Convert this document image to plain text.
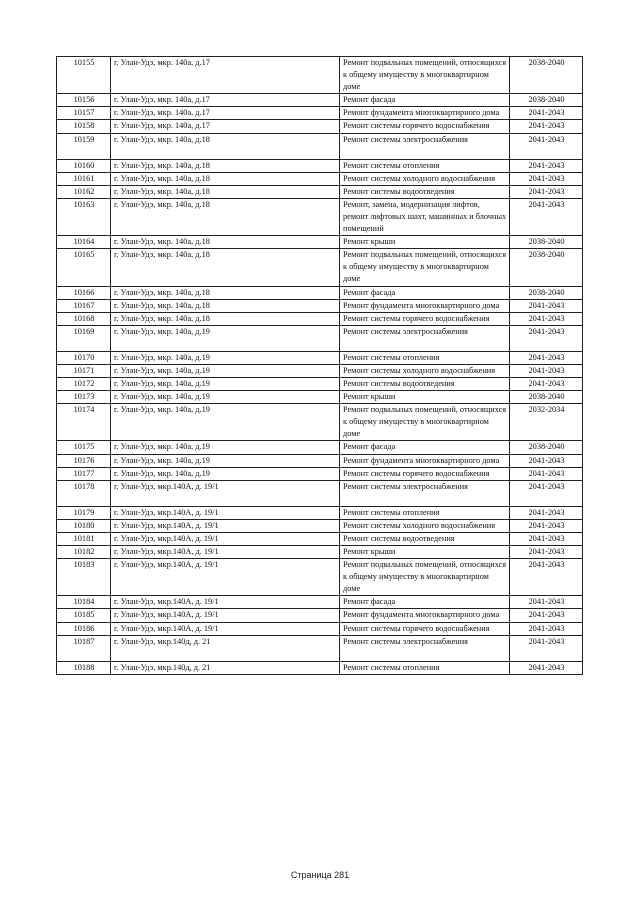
10155	г. Улан-Удэ, мкр. 140а, д.17	Ремонт подвальных помещений, относящихся к общему имуществу в многоквартирном доме	2038-2040
10156	г. Улан-Удэ, мкр. 140а, д.17	Ремонт фасада	2038-2040
10157	г. Улан-Удэ, мкр. 140а, д.17	Ремонт фундамента многоквартирного дома	2041-2043
10158	г. Улан-Удэ, мкр. 140а, д.17	Ремонт системы горячего водоснабжения	2041-2043
10159	г. Улан-Удэ, мкр. 140а, д.18	Ремонт системы электроснабжения	2041-2043
10160	г. Улан-Удэ, мкр. 140а, д.18	Ремонт системы отопления	2041-2043
10161	г. Улан-Удэ, мкр. 140а, д.18	Ремонт системы холодного водоснабжения	2041-2043
10162	г. Улан-Удэ, мкр. 140а, д.18	Ремонт системы водоотведения	2041-2043
10163	г. Улан-Удэ, мкр. 140а, д.18	Ремонт, замена, модернизация лифтов, ремонт лифтовых шахт, машинных и блочных помещений	2041-2043
10164	г. Улан-Удэ, мкр. 140а, д.18	Ремонт крыши	2038-2040
10165	г. Улан-Удэ, мкр. 140а, д.18	Ремонт подвальных помещений, относящихся к общему имуществу в многоквартирном доме	2038-2040
10166	г. Улан-Удэ, мкр. 140а, д.18	Ремонт фасада	2038-2040
10167	г. Улан-Удэ, мкр. 140а, д.18	Ремонт фундамента многоквартирного дома	2041-2043
10168	г. Улан-Удэ, мкр. 140а, д.18	Ремонт системы горячего водоснабжения	2041-2043
10169	г. Улан-Удэ, мкр. 140а, д.19	Ремонт системы электроснабжения	2041-2043
10170	г. Улан-Удэ, мкр. 140а, д.19	Ремонт системы отопления	2041-2043
10171	г. Улан-Удэ, мкр. 140а, д.19	Ремонт системы холодного водоснабжения	2041-2043
10172	г. Улан-Удэ, мкр. 140а, д.19	Ремонт системы водоотведения	2041-2043
10173	г. Улан-Удэ, мкр. 140а, д.19	Ремонт крыши	2038-2040
10174	г. Улан-Удэ, мкр. 140а, д.19	Ремонт подвальных помещений, относящихся к общему имуществу в многоквартирном доме	2032-2034
10175	г. Улан-Удэ, мкр. 140а, д.19	Ремонт фасада	2038-2040
10176	г. Улан-Удэ, мкр. 140а, д.19	Ремонт фундамента многоквартирного дома	2041-2043
10177	г. Улан-Удэ, мкр. 140а, д.19	Ремонт системы горячего водоснабжения	2041-2043
10178	г. Улан-Удэ, мкр.140А, д. 19/1	Ремонт системы электроснабжения	2041-2043
10179	г. Улан-Удэ, мкр.140А, д. 19/1	Ремонт системы отопления	2041-2043
10180	г. Улан-Удэ, мкр.140А, д. 19/1	Ремонт системы холодного водоснабжения	2041-2043
10181	г. Улан-Удэ, мкр.140А, д. 19/1	Ремонт системы водоотведения	2041-2043
10182	г. Улан-Удэ, мкр.140А, д. 19/1	Ремонт крыши	2041-2043
10183	г. Улан-Удэ, мкр.140А, д. 19/1	Ремонт подвальных помещений, относящихся к общему имуществу в многоквартирном доме	2041-2043
10184	г. Улан-Удэ, мкр.140А, д. 19/1	Ремонт фасада	2041-2043
10185	г. Улан-Удэ, мкр.140А, д. 19/1	Ремонт фундамента многоквартирного дома	2041-2043
10186	г. Улан-Удэ, мкр.140А, д. 19/1	Ремонт системы горячего водоснабжения	2041-2043
10187	г. Улан-Удэ, мкр.140д, д. 21	Ремонт системы электроснабжения	2041-2043
10188	г. Улан-Удэ, мкр.140д, д. 21	Ремонт системы отопления	2041-2043
Страница 281
